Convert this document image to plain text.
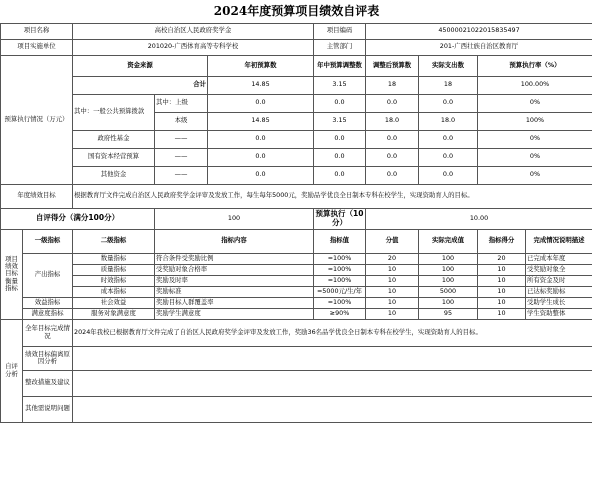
2024年度预算项目绩效自评表									
项目名称		高校自治区人民政府奖学金			项目编码	45000021022015835497			
项目实施单位		201020-广西体育高等专科学校			主管部门	201-广西壮族自治区教育厅			
预算执行情况（万元）		资金来源		年初预算数	年中预算调整数	调整后预算数	实际支出数	预算执行率（%）	
		合计		14.85	3.15	18	18	100.00%	
		其中：一般公共预算拨款	其中：上级	0.0	0.0	0.0	0.0	0%	
			本级	14.85	3.15	18.0	18.0	100%	
		政府性基金	——	0.0	0.0	0.0	0.0	0%	
		国有资本经营预算	——	0.0	0.0	0.0	0.0	0%	
		其他资金	——	0.0	0.0	0.0	0.0	0%	
年度绩效目标		根据教育厅文件完成自治区人民政府奖学金评审及发放工作，每生每年5000元，奖励品学优良全日制本专科在校学生，实现资助育人的目标。							
自评得分（满分100分）			100		预算执行（10分）	10.00			
项目绩效目标衡量指标	一级指标	二级指标	指标内容		指标值	分值	实际完成值	指标得分	完成情况说明描述
	产出指标	数量指标	符合条件受奖励比例		=100%	20	100	20	已完成本年度
		质量指标	受奖励对象合格率		=100%	10	100	10	受奖励对象全
		时效指标	奖励及时率		=100%	10	100	10	所有资金及时
		成本指标	奖励标准		=5000元/生/年	10	5000	10	已达标奖励标
	效益指标	社会效益	奖励目标人群覆盖率		=100%	10	100	10	受助学生成长
	满意度指标	服务对象满意度	奖励学生满意度		≥90%	10	95	10	学生资助整体
自评分析	全年目标完成情况	2024年我校已根据教育厅文件完成了自治区人民政府奖学金评审及发放工作，奖励36名品学优良全日制本专科在校学生，实现资助育人的目标。							
	绩效目标偏离原因分析								
	整改措施及建议								
	其他需说明问题								
